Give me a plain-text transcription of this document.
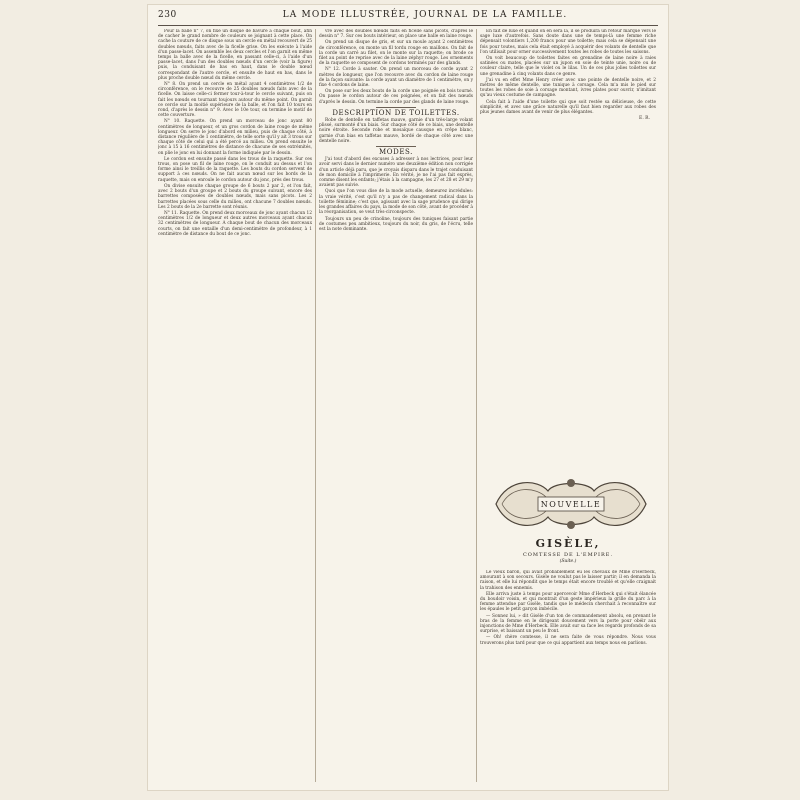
230	LA MODE ILLUSTRÉE, JOURNAL DE LA FAMILLE.

Pour la balle n° 7, on fixe un disque de bavure à chaque bout, afin de cacher le grand nombre de couleurs se joignant à cette place. On cache la couture de ce disque sous un cercle en métal recouvert de 25 doubles nœuds, faits avec de la ficelle grise. On les exécute à l'aide d'un passe-lacet. On assemble les deux cercles et l'on garnit en même temps la balle avec de la ficelle, en passant celle-ci, à l'aide d'un passe-lacet, dans l'un des doubles nœuds d'un cercle (voir la figure) puis, la conduisant de bas en haut, dans le double nœud correspondant de l'autre cercle, et ensuite de haut en bas, dans le plus proche double nœud du même cercle.

N° 8. On prend un cercle en métal ayant 4 centimètres 1/2 de circonférence, on le recouvre de 25 doubles nœuds faits avec de la ficelle. On laisse celle-ci fermer tour-à-tour le cercle suivant, puis on fait les nœuds en tournant toujours autour du même point. On garnit ce cercle sur la moitié supérieure de la balle, et l'on fait 10 tours en rond, d'après le dessin n° 9. Avec le 10e tour, on termine le motif de cette couverture.

N° 10. Raquette. On prend un morceau de jonc ayant 80 centimètres de longueur, et un gros cordon de laine rouge de même longueur. On serre le jonc d'abord en milieu, puis de chaque côté, à distance régulière de 1 centimètre, de telle sorte qu'il y ait 3 trous sur chaque côté de celui qui a été percé au milieu. On prend ensuite le jonc à 15 à 16 centimètres de distance de chacune de ses extrémités, on plie le jonc en lui donnant la forme indiquée par le dessin.

Le cordon est ensuite passé dans les trous de la raquette. Sur ces trous, on pose un fil de laine rouge, on le conduit au dessus et l'on forme ainsi le treillis de la raquette. Les bouts du cordon servent de support à ces nœuds. On ne fait aucun nœud sur les bords de la raquette, mais on enroule le cordon autour du jonc, près des trous.

On divise ensuite chaque groupe de 6 bouts 2 par 2, et l'on fait, avec 2 bouts d'un groupe et 2 bouts du groupe suivant, encore des barrettes composées de doubles nœuds, mais sans picots. Les 2 barrettes placées sous celle du milieu, ont chacune 7 doubles nœuds. Les 2 bouts de la 2e barrette sont réunis.

N° 11. Raquette. On prend deux morceaux de jonc ayant chacun 12 centimètres 1/2 de longueur et deux autres morceaux ayant chacun 32 centimètres de longueur. A chaque bout de chacun des morceaux courts, on fait une entaille d'un demi-centimètre de profondeur, à 1 centimètre de distance du bout de ce jonc.

vre avec des doubles nœuds faits en ficelle sans picots, d'après le dessin n° 7. Sur ces bouts intérieur, on place une balle en laine rouge.

On prend un disque de gris, et sur un moule ayant 2 centimètres de circonférence, on monte un fil tordu rouge en maillons. On fait de la corde un carré au filet, on le monte sur la raquette; on brode ce filet au point de reprise avec de la laine zéphyr rouge. Les ornements de la raquette se composent de cordons terminés par des glands.

N° 12. Corde à sauter. On prend un morceau de corde ayant 2 mètres de longueur, que l'on recouvre avec du cordon de laine rouge de la façon suivante: la corde ayant un diamètre de 1 centimètre, on y fixe 4 cordons de laine.

On pose sur les deux bouts de la corde une poignée en bois tourné. On passe le cordon autour de ces poignées, et on fait des nœuds d'après le dessin. On termine la corde par des glands de laine rouge.

DESCRIPTION DE TOILETTES.

Robe de dentelle en taffetas mauve, garnie d'un très-large volant plissé, surmonté d'un biais. Sur chaque côté de ce biais, une dentelle noire étroite. Seconde robe et mosaïque causque en crêpe blanc, garnie d'un bias en taffetas mauve, bordé de chaque côté avec une dentelle noire.

MODES.

J'ai tout d'abord des excuses à adresser à nos lectrices, pour leur avoir servi dans le dernier numéro une deuxième édition non corrigée d'un article déjà paru, que je croyais disparu dans le trajet conduisant de mon domicile à l'imprimerie. En vérité, je ne l'ai pas fait exprès, comme disent les enfants; j'étais à la campagne, les 27 et 28 et 29 m'y avaient pas suivie.

Quoi que l'on vous dise de la mode actuelle, demeurez incrédules: la vraie vérité, c'est qu'il n'y a pas de changement radical dans la toilette féminine; c'est que, agissant avec la sage prudence qui dirige les grandes affaires du pays, la mode de son côté, avant de procéder à la réorganisation, se veut très-circonspecte.

Toujours un peu de crinoline, toujours des tuniques faisant partie de costumes peu ambitieux, toujours du noir, du gris, de l'écru, telle est la note dominante.

En fait de luxe et quand on en sera là, il se produira un retour marqué vers le sage luxe d'autrefois. Sans doute dans une de temps-là une femme riche dépensait volontiers 1,200 francs pour une toilette; mais cela se dépensait une fois pour toutes, mais cela était employé à acquérir des volants de dentelle que l'on utilisait pour orner successivement toutes les robes de toutes les saisons.

On voit beaucoup de toilettes faites en grenadine de laine noire à raies satinées ou mates, placées sur un jupon en soie de teinte unie, noire ou de couleur claire, telle que le violet ou le lilas. Un de ces plus jolies toilettes sur une grenadine à cinq volants dans ce genre.

J'ai vu en effet Mme Henry créer avec une pointe de dentelle noire, et 2 mètres de même dentelle, une tunique à corsage. Cela m'a mis le pied sur toutes les robes de soie à corsage montant, ivres plates pour ouvrir, n'imitant qu'au vieux costume de campagne.

Cela fait à l'aide d'une toilette qui que soit restée sa délicieuse, de cette simplicité, et avec une grâce naturelle qu'il faut bien regarder aux robes des plus jeunes dames avant de venir de plus élégantes.

E. R.
NOUVELLE
GISÈLE,
COMTESSE DE L'EMPIRE.
(Suite.)

Le vieux baron, qui avait probablement eu les chevaux de Mme d'Herbeck, amourant à son secours. Gisèle ne voulut pas le laisser partir; il en demanda la raison, et elle lui répondit que le temps était encore troublé et qu'elle craignait la trahison des ennemis.

Elle arriva juste à temps pour apercevoir Mme d'Herbeck qui s'était élancée du boudoir voisin, et qui montrait d'un geste impérieux la grille du parc à la femme attendue par Gisèle, tandis que le médecin cherchait à reconnaître sur les épaules le petit garçon imbécile.

— Sonnez lui, » dit Gisèle d'un ton de commandement absolu, en prenant le bras de la femme en le dirigeant doucement vers la porte pour obéir aux injonctions de Mme d'Herbeck. Elle avait sur sa face les regards profonds de sa surprise, et baissant un peu le front.

— Oh! chère comtesse, il ne sera faite de vous répondre. Nous vous trouverons plus tard pour que ce qui appartient aux temps nous en parlions.
